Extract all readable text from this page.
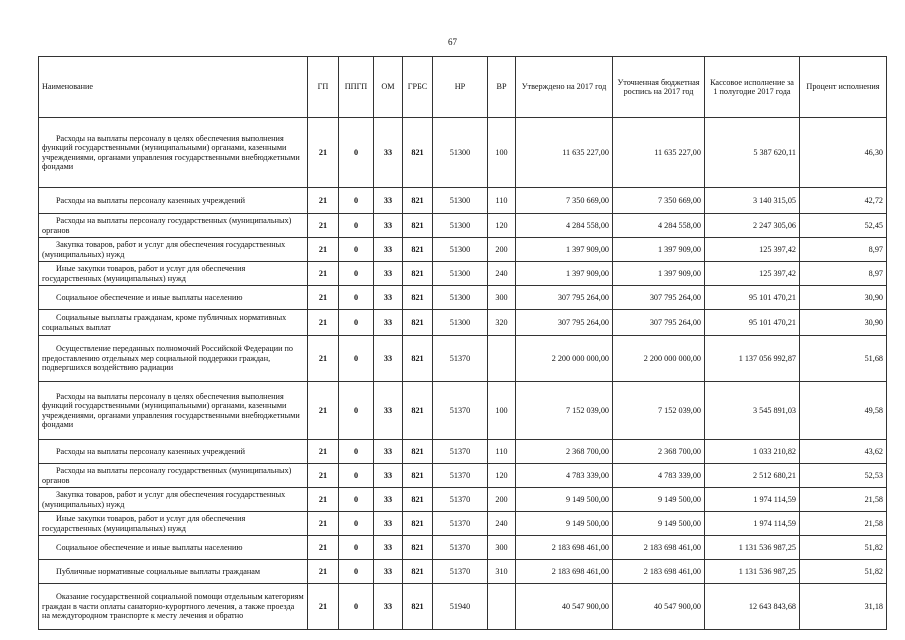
67
Наименование	ГП	ППГП	ОМ	ГРБС	НР	ВР	Утверждено на 2017 год	Уточненная бюджетная роспись на 2017 год	Кассовое исполнение за 1 полугодие 2017 года	Процент исполнения

Расходы на выплаты персоналу в целях обеспечения выполнения функций государственными (муниципальными) органами, казенными учреждениями, органами управления государственными внебюджетными фондами	21	0	33	821	51300	100	11 635 227,00	11 635 227,00	5 387 620,11	46,30

Расходы на выплаты персоналу казенных учреждений	21	0	33	821	51300	110	7 350 669,00	7 350 669,00	3 140 315,05	42,72

Расходы на выплаты персоналу государственных (муниципальных) органов	21	0	33	821	51300	120	4 284 558,00	4 284 558,00	2 247 305,06	52,45

Закупка товаров, работ и услуг для обеспечения государственных (муниципальных) нужд	21	0	33	821	51300	200	1 397 909,00	1 397 909,00	125 397,42	8,97

Иные закупки товаров, работ и услуг для обеспечения государственных (муниципальных) нужд	21	0	33	821	51300	240	1 397 909,00	1 397 909,00	125 397,42	8,97

Социальное обеспечение и иные выплаты населению	21	0	33	821	51300	300	307 795 264,00	307 795 264,00	95 101 470,21	30,90

Социальные выплаты гражданам, кроме публичных нормативных социальных выплат	21	0	33	821	51300	320	307 795 264,00	307 795 264,00	95 101 470,21	30,90

Осуществление переданных полномочий Российской Федерации по предоставлению отдельных мер социальной поддержки граждан, подвергшихся воздействию радиации	21	0	33	821	51370		2 200 000 000,00	2 200 000 000,00	1 137 056 992,87	51,68

Расходы на выплаты персоналу в целях обеспечения выполнения функций государственными (муниципальными) органами, казенными учреждениями, органами управления государственными внебюджетными фондами	21	0	33	821	51370	100	7 152 039,00	7 152 039,00	3 545 891,03	49,58

Расходы на выплаты персоналу казенных учреждений	21	0	33	821	51370	110	2 368 700,00	2 368 700,00	1 033 210,82	43,62

Расходы на выплаты персоналу государственных (муниципальных) органов	21	0	33	821	51370	120	4 783 339,00	4 783 339,00	2 512 680,21	52,53

Закупка товаров, работ и услуг для обеспечения государственных (муниципальных) нужд	21	0	33	821	51370	200	9 149 500,00	9 149 500,00	1 974 114,59	21,58

Иные закупки товаров, работ и услуг для обеспечения государственных (муниципальных) нужд	21	0	33	821	51370	240	9 149 500,00	9 149 500,00	1 974 114,59	21,58

Социальное обеспечение и иные выплаты населению	21	0	33	821	51370	300	2 183 698 461,00	2 183 698 461,00	1 131 536 987,25	51,82

Публичные нормативные социальные выплаты гражданам	21	0	33	821	51370	310	2 183 698 461,00	2 183 698 461,00	1 131 536 987,25	51,82

Оказание государственной социальной помощи отдельным категориям граждан в части оплаты санаторно-курортного лечения, а также проезда на междугородном транспорте к месту лечения и обратно	21	0	33	821	51940		40 547 900,00	40 547 900,00	12 643 843,68	31,18
